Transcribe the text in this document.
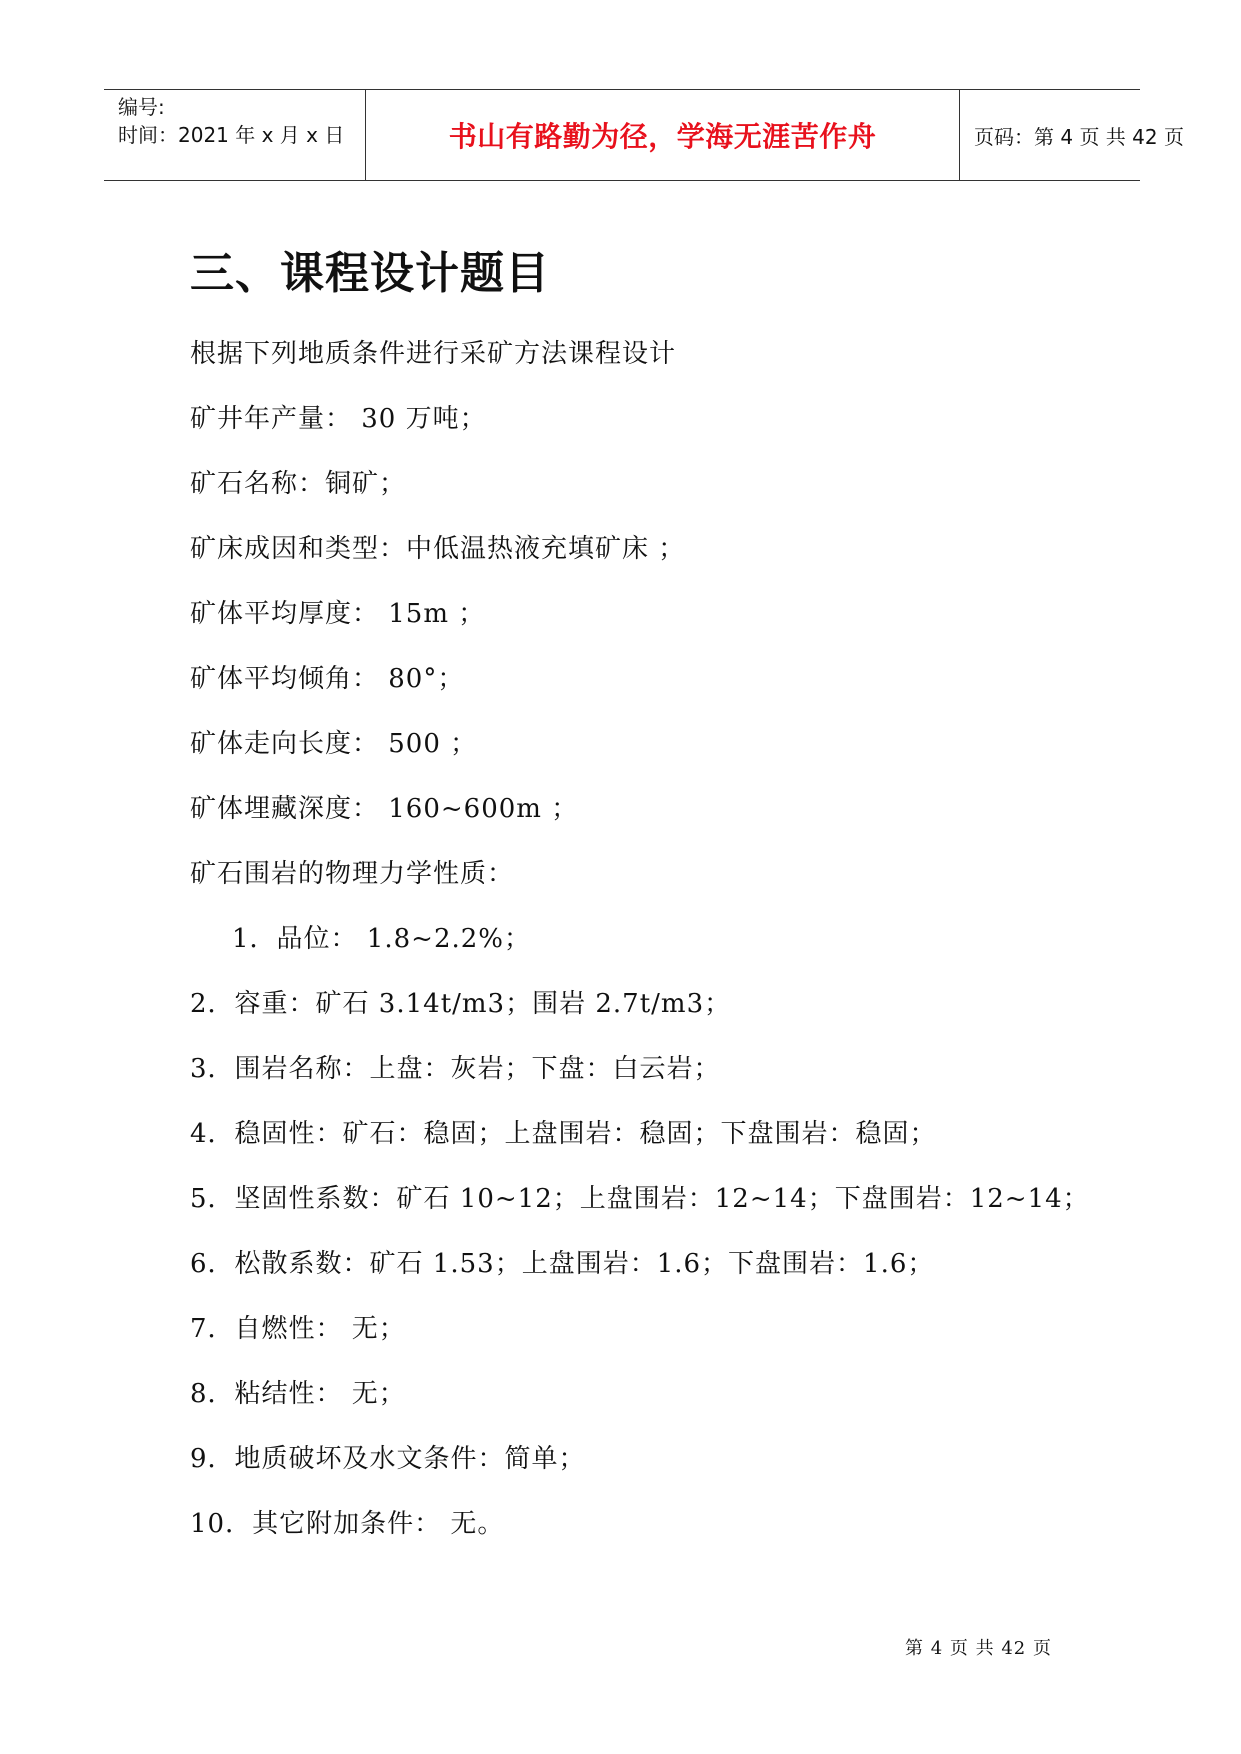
编号:
时间：2021 年 x 月 x 日	书山有路勤为径，学海无涯苦作舟	页码：第 4 页 共 42 页
三、课程设计题目
根据下列地质条件进行采矿方法课程设计
矿井年产量： 30 万吨；
矿石名称：铜矿；
矿床成因和类型：中低温热液充填矿床 ；
矿体平均厚度： 15m ；
矿体平均倾角： 80°；
矿体走向长度： 500 ；
矿体埋藏深度： 160~600m ；
矿石围岩的物理力学性质：
1．品位： 1.8~2.2%；
2．容重：矿石 3.14t/m3；围岩 2.7t/m3；
3．围岩名称：上盘：灰岩；下盘：白云岩；
4．稳固性：矿石：稳固；上盘围岩：稳固；下盘围岩：稳固；
5．坚固性系数：矿石 10~12；上盘围岩：12~14；下盘围岩：12~14；
6．松散系数：矿石 1.53；上盘围岩：1.6；下盘围岩：1.6；
7．自燃性： 无；
8．粘结性： 无；
9．地质破坏及水文条件：简单；
10．其它附加条件： 无。
第 4 页 共 42 页
